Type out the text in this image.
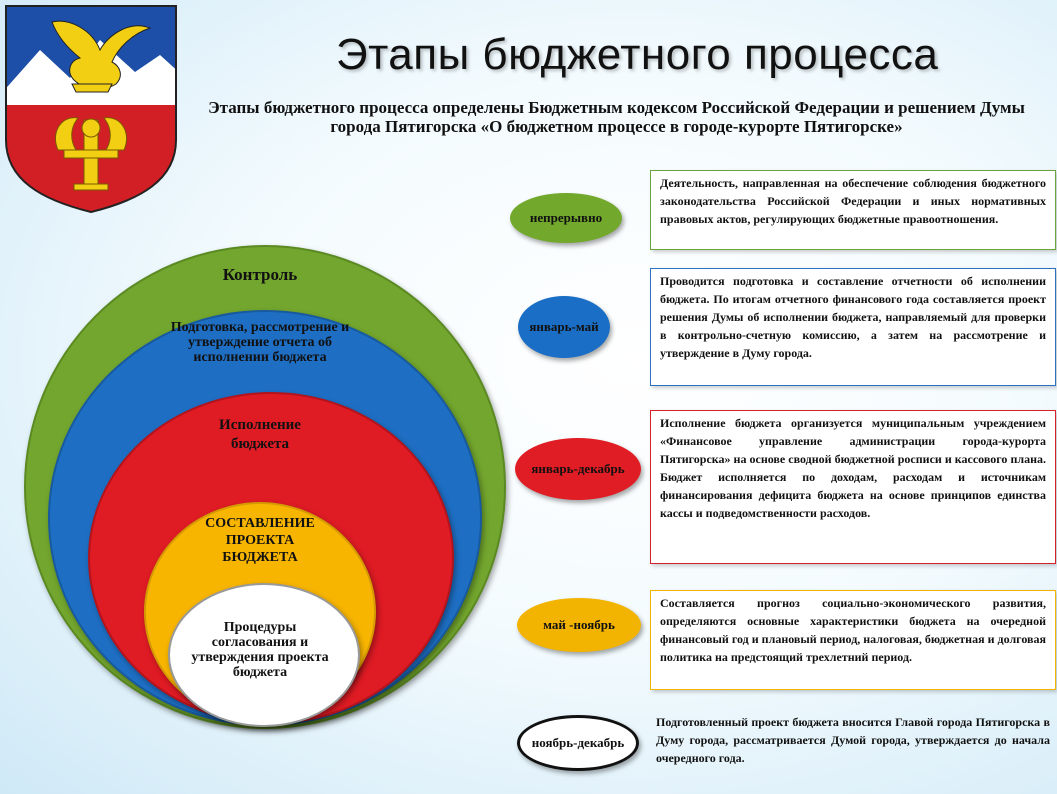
Этапы бюджетного процесса

Этапы бюджетного процесса определены Бюджетным кодексом Российской Федерации и решением Думы города Пятигорска «О бюджетном процессе в городе-курорте Пятигорске»

Контроль
Подготовка, рассмотрение и утверждение отчета об исполнении бюджета
Исполнение бюджета
СОСТАВЛЕНИЕ ПРОЕКТА БЮДЖЕТА
Процедуры согласования и утверждения проекта бюджета
непрерывно
январь-май
январь-декабрь
май -ноябрь
ноябрь-декабрь
Деятельность, направленная на обеспечение соблюдения бюджетного законодательства Российской Федерации и иных нормативных правовых актов, регулирующих бюджетные правоотношения.
Проводится подготовка и составление отчетности об исполнении бюджета. По итогам отчетного финансового года составляется проект решения Думы об исполнении бюджета, направляемый для проверки в контрольно-счетную комиссию, а затем на рассмотрение и утверждение в Думу города.
Исполнение бюджета организуется муниципальным учреждением «Финансовое управление администрации города-курорта Пятигорска» на основе сводной бюджетной росписи и кассового плана. Бюджет исполняется по доходам, расходам и источникам финансирования дефицита бюджета на основе принципов единства кассы и подведомственности расходов.
Составляется прогноз социально-экономического развития, определяются основные характеристики бюджета на очередной финансовый год и плановый период, налоговая, бюджетная и долговая политика на предстоящий трехлетний период.
Подготовленный проект бюджета вносится Главой города Пятигорска в Думу города, рассматривается Думой города, утверждается до начала очередного года.
